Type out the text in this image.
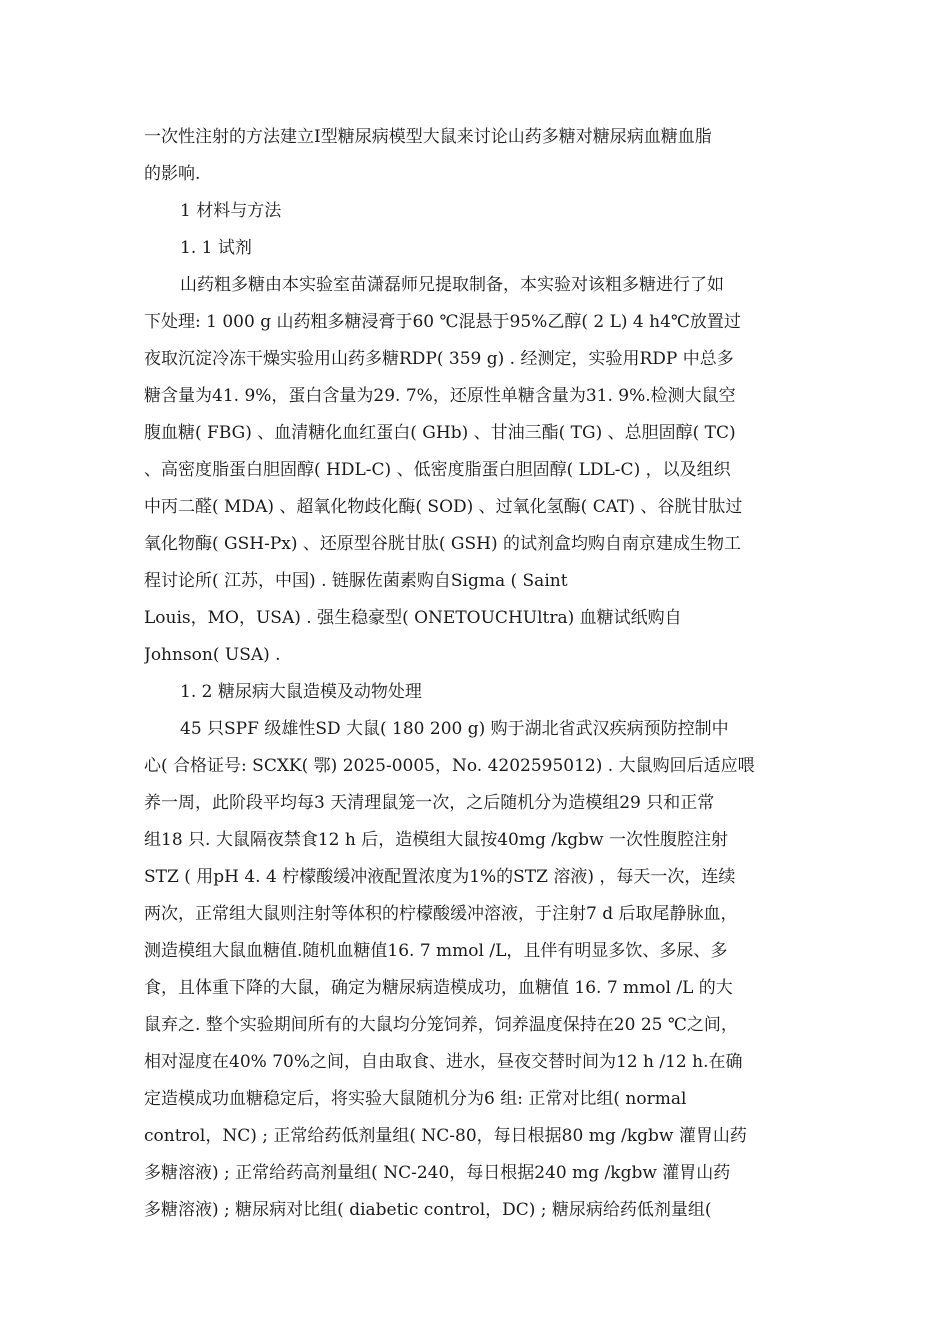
一次性注射的方法建立Ⅰ型糖尿病模型大鼠来讨论山药多糖对糖尿病血糖血脂
的影响.
1 材料与方法
1. 1 试剂
山药粗多糖由本实验室苗潇磊师兄提取制备，本实验对该粗多糖进行了如
下处理: 1 000 g 山药粗多糖浸膏于60 ℃混悬于95%乙醇( 2 L) 4 h4℃放置过
夜取沉淀冷冻干燥实验用山药多糖RDP( 359 g) . 经测定，实验用RDP 中总多
糖含量为41. 9%，蛋白含量为29. 7%，还原性单糖含量为31. 9%.检测大鼠空
腹血糖( FBG) 、血清糖化血红蛋白( GHb) 、甘油三酯( TG) 、总胆固醇( TC)
、高密度脂蛋白胆固醇( HDL-C) 、低密度脂蛋白胆固醇( LDL-C) ，以及组织
中丙二醛( MDA) 、超氧化物歧化酶( SOD) 、过氧化氢酶( CAT) 、谷胱甘肽过
氧化物酶( GSH-Px) 、还原型谷胱甘肽( GSH) 的试剂盒均购自南京建成生物工
程讨论所( 江苏，中国) . 链脲佐菌素购自Sigma ( Saint
Louis，MO，USA) . 强生稳豪型( ONETOUCHUltra) 血糖试纸购自
Johnson( USA) .
1. 2 糖尿病大鼠造模及动物处理
45 只SPF 级雄性SD 大鼠( 180 200 g) 购于湖北省武汉疾病预防控制中
心( 合格证号: SCXK( 鄂) 2025-0005，No. 4202595012) . 大鼠购回后适应喂
养一周，此阶段平均每3 天清理鼠笼一次，之后随机分为造模组29 只和正常
组18 只. 大鼠隔夜禁食12 h 后，造模组大鼠按40mg /kgbw 一次性腹腔注射
STZ ( 用pH 4. 4 柠檬酸缓冲液配置浓度为1%的STZ 溶液) ，每天一次，连续
两次，正常组大鼠则注射等体积的柠檬酸缓冲溶液，于注射7 d 后取尾静脉血，
测造模组大鼠血糖值.随机血糖值16. 7 mmol /L，且伴有明显多饮、多尿、多
食，且体重下降的大鼠，确定为糖尿病造模成功，血糖值 16. 7 mmol /L 的大
鼠弃之. 整个实验期间所有的大鼠均分笼饲养，饲养温度保持在20 25 ℃之间，
相对湿度在40% 70%之间，自由取食、进水，昼夜交替时间为12 h /12 h.在确
定造模成功血糖稳定后，将实验大鼠随机分为6 组: 正常对比组( normal
control，NC) ; 正常给药低剂量组( NC-80，每日根据80 mg /kgbw 灌胃山药
多糖溶液) ; 正常给药高剂量组( NC-240，每日根据240 mg /kgbw 灌胃山药
多糖溶液) ; 糖尿病对比组( diabetic control，DC) ; 糖尿病给药低剂量组(
